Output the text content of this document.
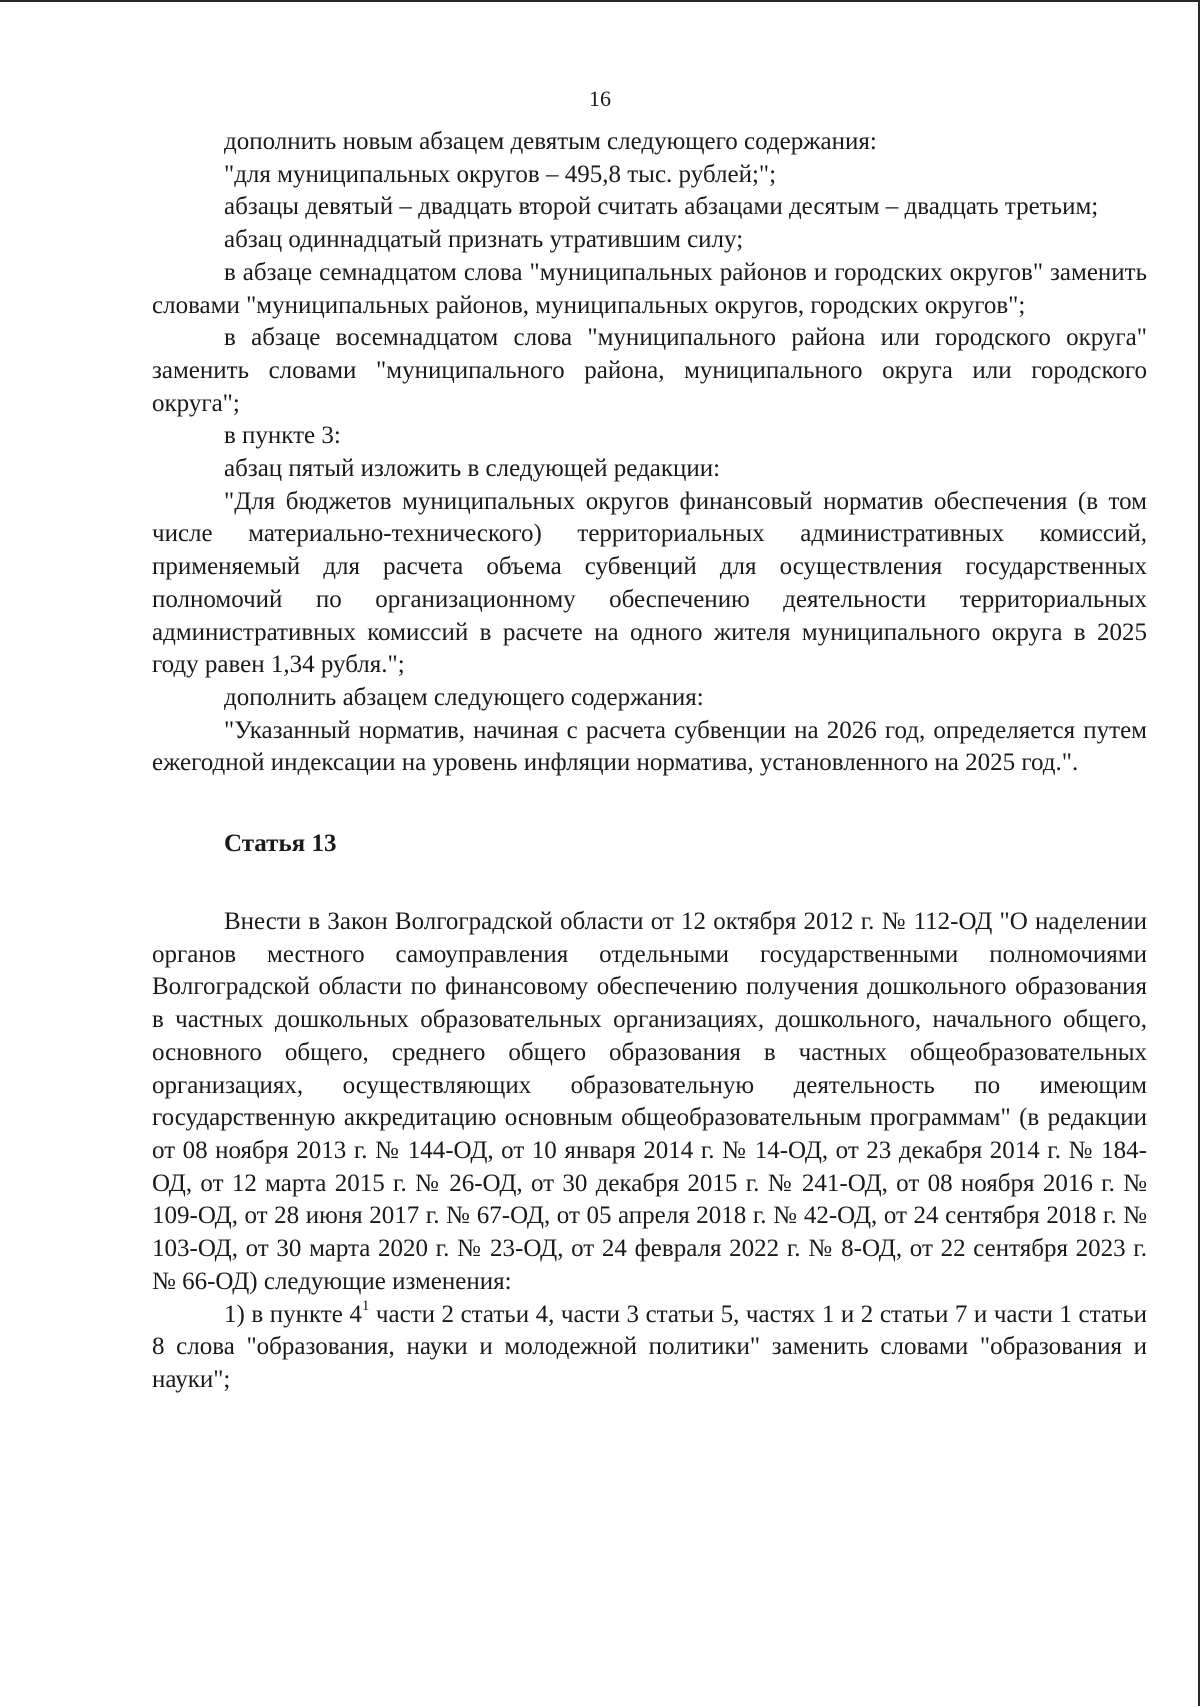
16

дополнить новым абзацем девятым следующего содержания:

"для муниципальных округов – 495,8 тыс. рублей;";

абзацы девятый – двадцать второй считать абзацами десятым – двадцать третьим;

абзац одиннадцатый признать утратившим силу;

в абзаце семнадцатом слова "муниципальных районов и городских округов" заменить словами "муниципальных районов, муниципальных округов, городских округов";

в абзаце восемнадцатом слова "муниципального района или городского округа" заменить словами "муниципального района, муниципального округа или городского округа";

в пункте 3:

абзац пятый изложить в следующей редакции:

"Для бюджетов муниципальных округов финансовый норматив обеспечения (в том числе материально-технического) территориальных административных комиссий, применяемый для расчета объема субвенций для осуществления государственных полномочий по организационному обеспечению деятельности территориальных административных комиссий в расчете на одного жителя муниципального округа в 2025 году равен 1,34 рубля.";

дополнить абзацем следующего содержания:

"Указанный норматив, начиная с расчета субвенции на 2026 год, определяется путем ежегодной индексации на уровень инфляции норматива, установленного на 2025 год.".

Статья 13

Внести в Закон Волгоградской области от 12 октября 2012 г. № 112-ОД "О наделении органов местного самоуправления отдельными государственными полномочиями Волгоградской области по финансовому обеспечению получения дошкольного образования в частных дошкольных образовательных организациях, дошкольного, начального общего, основного общего, среднего общего образования в частных общеобразовательных организациях, осуществляющих образовательную деятельность по имеющим государственную аккредитацию основным общеобразовательным программам" (в редакции от 08 ноября 2013 г. № 144-ОД, от 10 января 2014 г. № 14-ОД, от 23 декабря 2014 г. № 184-ОД, от 12 марта 2015 г. № 26-ОД, от 30 декабря 2015 г. № 241-ОД, от 08 ноября 2016 г. № 109-ОД, от 28 июня 2017 г. № 67-ОД, от 05 апреля 2018 г. № 42-ОД, от 24 сентября 2018 г. № 103-ОД, от 30 марта 2020 г. № 23-ОД, от 24 февраля 2022 г. № 8-ОД, от 22 сентября 2023 г. № 66-ОД) следующие изменения:

1) в пункте $4^1$ части 2 статьи 4, части 3 статьи 5, частях 1 и 2 статьи 7 и части 1 статьи 8 слова "образования, науки и молодежной политики" заменить словами "образования и науки";
